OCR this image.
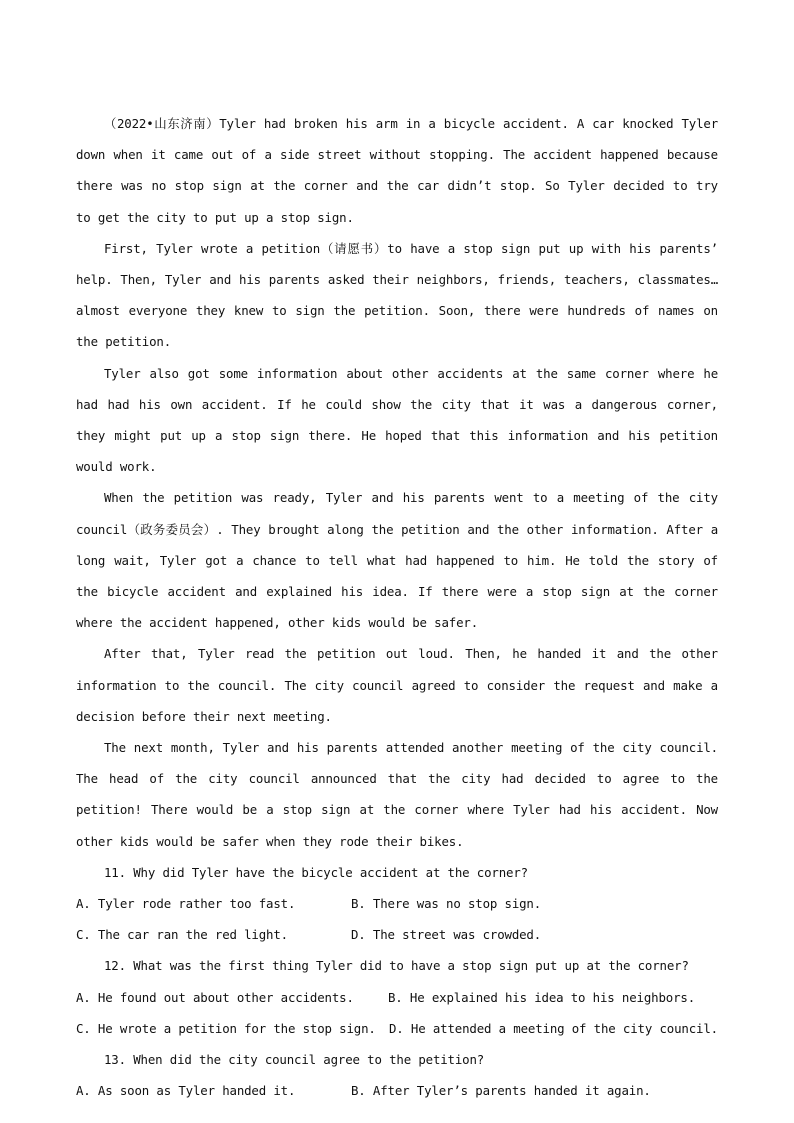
（2022•山东济南）Tyler had broken his arm in a bicycle accident. A car knocked Tyler down when it came out of a side street without stopping. The accident happened because there was no stop sign at the corner and the car didn’t stop. So Tyler decided to try to get the city to put up a stop sign.

First, Tyler wrote a petition（请愿书）to have a stop sign put up with his parents’ help. Then, Tyler and his parents asked their neighbors, friends, teachers, classmates… almost everyone they knew to sign the petition. Soon, there were hundreds of names on the petition.

Tyler also got some information about other accidents at the same corner where he had had his own accident. If he could show the city that it was a dangerous corner, they might put up a stop sign there. He hoped that this information and his petition would work.

When the petition was ready, Tyler and his parents went to a meeting of the city council（政务委员会）. They brought along the petition and the other information. After a long wait, Tyler got a chance to tell what had happened to him. He told the story of the bicycle accident and explained his idea. If there were a stop sign at the corner where the accident happened, other kids would be safer.

After that, Tyler read the petition out loud. Then, he handed it and the other information to the council. The city council agreed to consider the request and make a decision before their next meeting.

The next month, Tyler and his parents attended another meeting of the city council. The head of the city council announced that the city had decided to agree to the petition! There would be a stop sign at the corner where Tyler had his accident. Now other kids would be safer when they rode their bikes.

11. Why did Tyler have the bicycle accident at the corner?

A. Tyler rode rather too fast.	B. There was no stop sign.
C. The car ran the red light.	D. The street was crowded.

12. What was the first thing Tyler did to have a stop sign put up at the corner?

A. He found out about other accidents.	B. He explained his idea to his neighbors.
C. He wrote a petition for the stop sign. D. He attended a meeting of the city council.

13. When did the city council agree to the petition?

A. As soon as Tyler handed it.	B. After Tyler’s parents handed it again.
